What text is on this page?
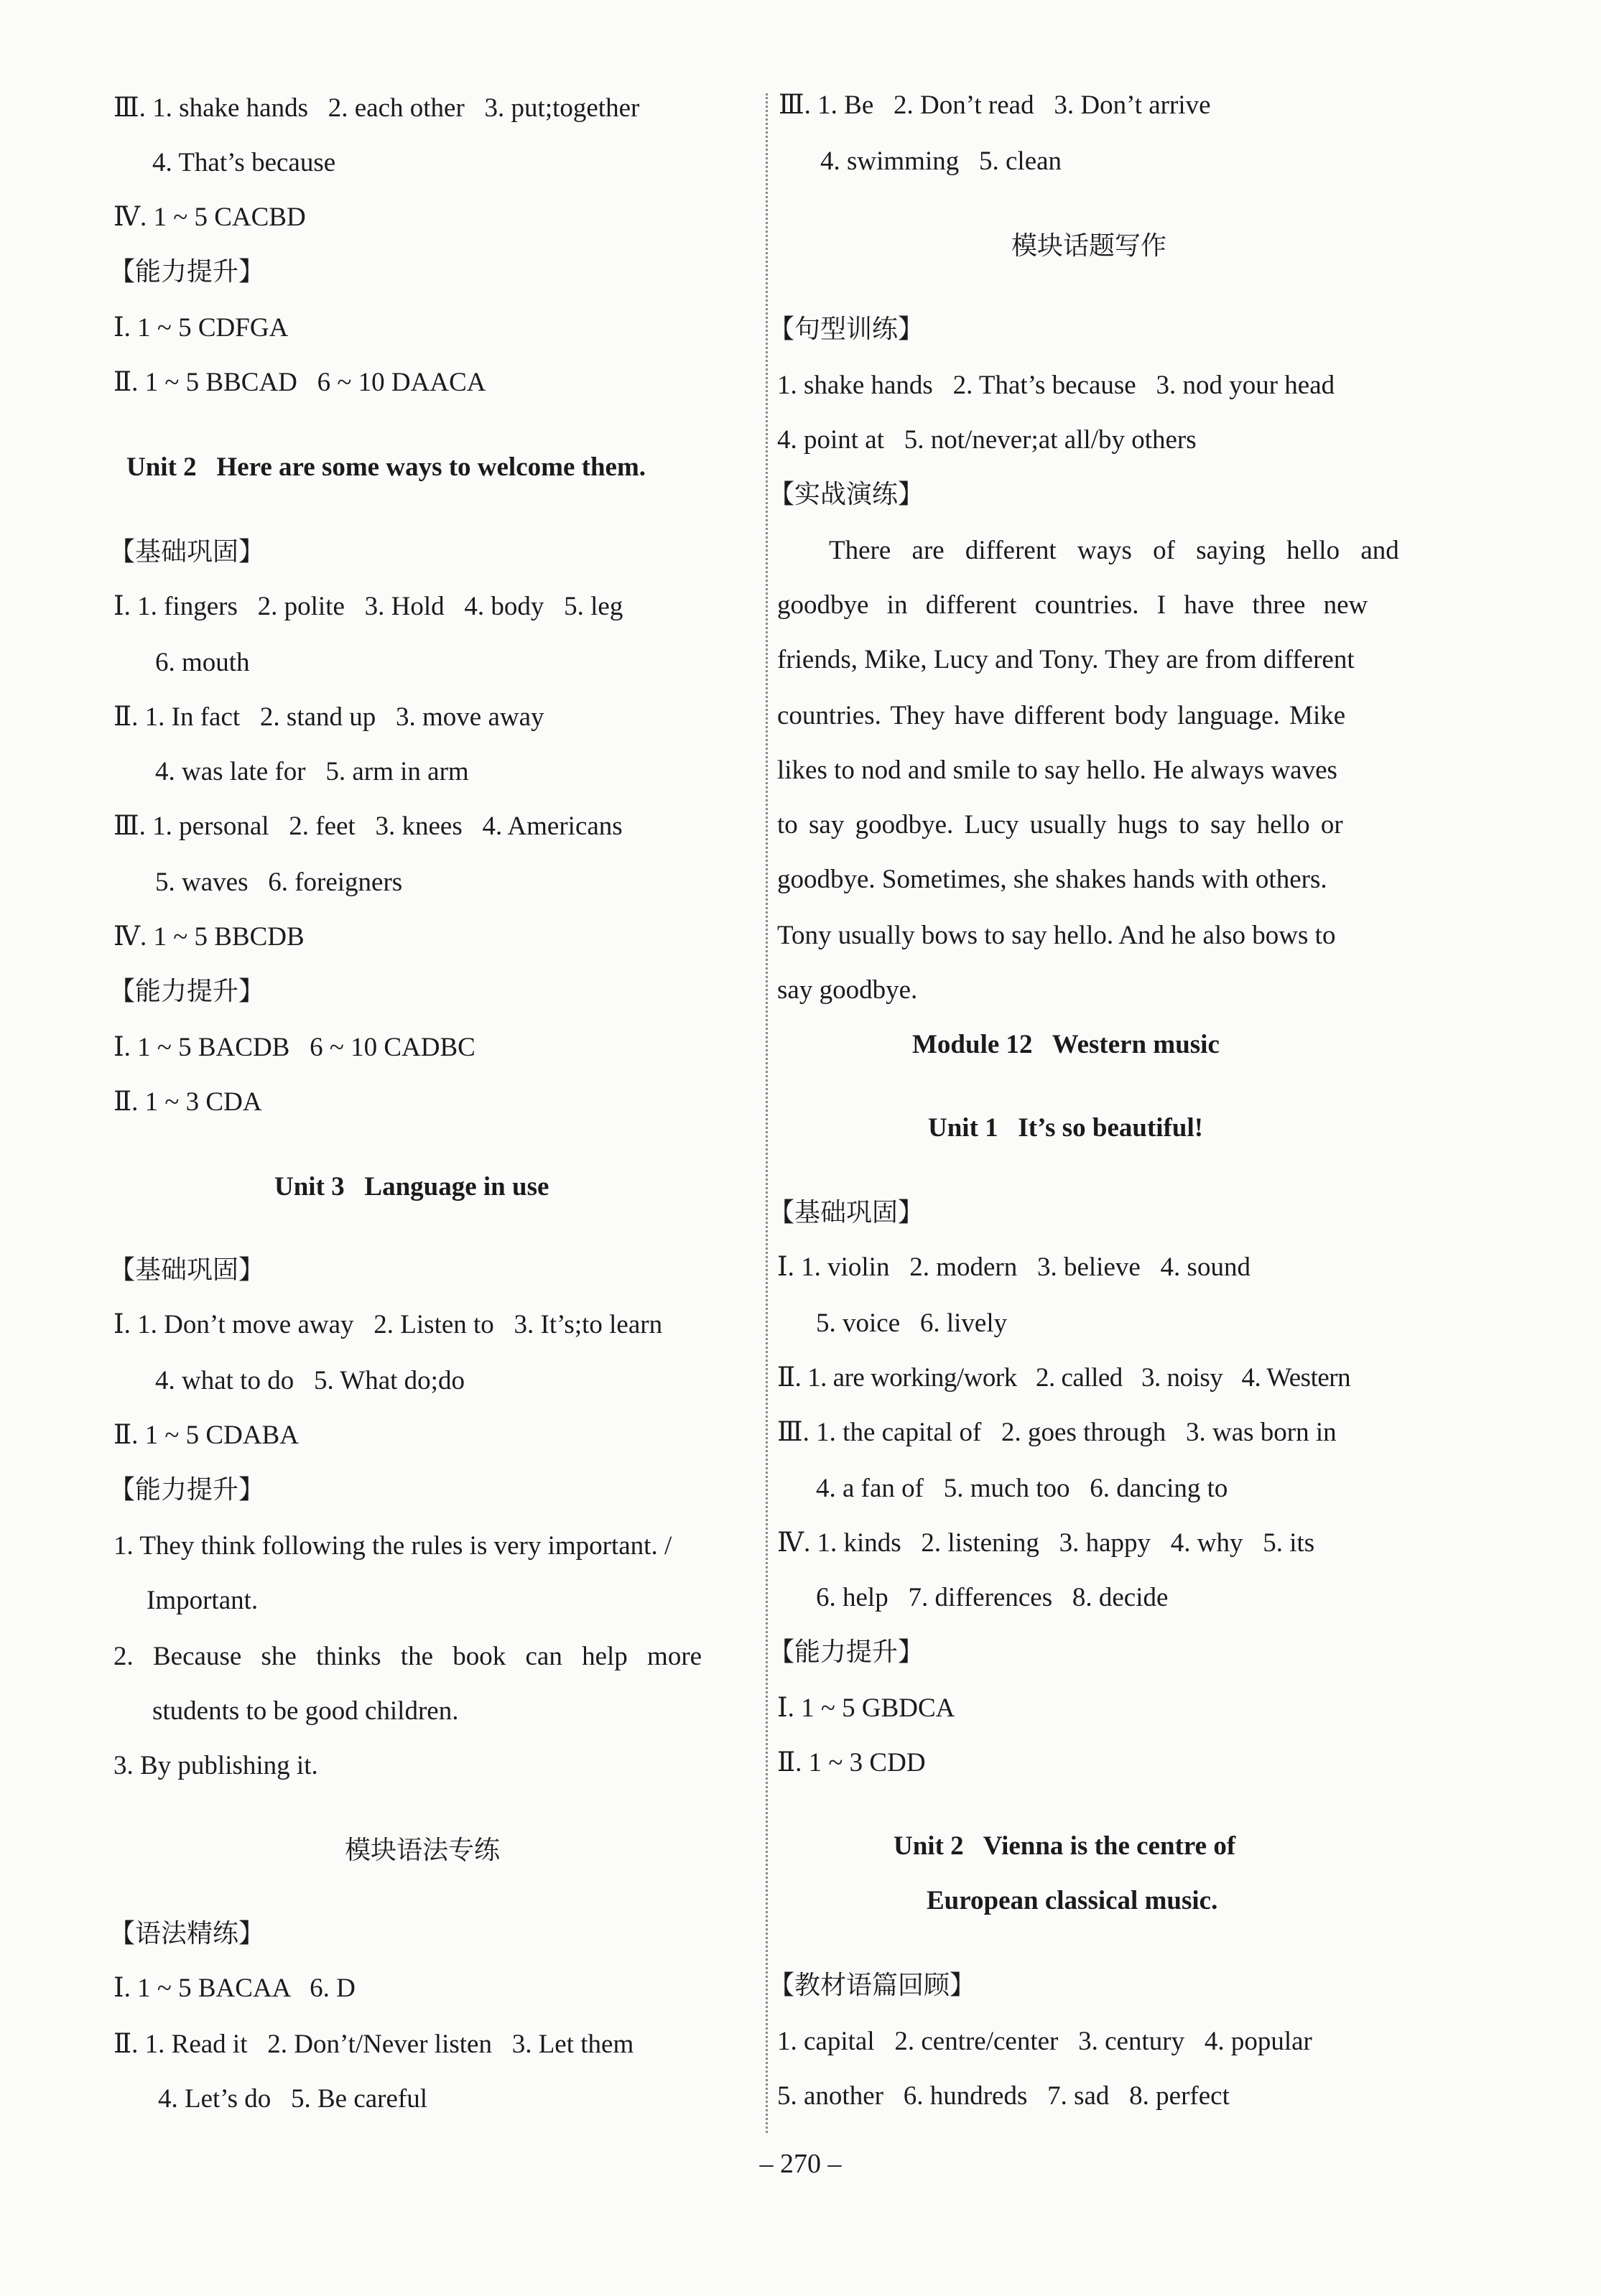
Ⅲ. 1. shake hands   2. each other   3. put;together
4. That’s because
Ⅳ. 1 ~ 5 CACBD
【能力提升】
Ⅰ. 1 ~ 5 CDFGA
Ⅱ. 1 ~ 5 BBCAD   6 ~ 10 DAACA
Unit 2   Here are some ways to welcome them.
【基础巩固】
Ⅰ. 1. fingers   2. polite   3. Hold   4. body   5. leg
6. mouth
Ⅱ. 1. In fact   2. stand up   3. move away
4. was late for   5. arm in arm
Ⅲ. 1. personal   2. feet   3. knees   4. Americans
5. waves   6. foreigners
Ⅳ. 1 ~ 5 BBCDB
【能力提升】
Ⅰ. 1 ~ 5 BACDB   6 ~ 10 CADBC
Ⅱ. 1 ~ 3 CDA
Unit 3   Language in use
【基础巩固】
Ⅰ. 1. Don’t move away   2. Listen to   3. It’s;to learn
4. what to do   5. What do;do
Ⅱ. 1 ~ 5 CDABA
【能力提升】
1. They think following the rules is very important. /
Important.
2. Because she thinks the book can help more
students to be good children.
3. By publishing it.
模块语法专练
【语法精练】
Ⅰ. 1 ~ 5 BACAA   6. D
Ⅱ. 1. Read it   2. Don’t/Never listen   3. Let them
4. Let’s do   5. Be careful
Ⅲ. 1. Be   2. Don’t read   3. Don’t arrive
4. swimming   5. clean
模块话题写作
【句型训练】
1. shake hands   2. That’s because   3. nod your head
4. point at   5. not/never;at all/by others
【实战演练】
There are different ways of saying hello and
goodbye in different countries. I have three new
friends, Mike, Lucy and Tony. They are from different
countries. They have different body language. Mike
likes to nod and smile to say hello. He always waves
to say goodbye. Lucy usually hugs to say hello or
goodbye. Sometimes, she shakes hands with others.
Tony usually bows to say hello. And he also bows to
say goodbye.
Module 12   Western music
Unit 1   It’s so beautiful!
【基础巩固】
Ⅰ. 1. violin   2. modern   3. believe   4. sound
5. voice   6. lively
Ⅱ. 1. are working/work   2. called   3. noisy   4. Western
Ⅲ. 1. the capital of   2. goes through   3. was born in
4. a fan of   5. much too   6. dancing to
Ⅳ. 1. kinds   2. listening   3. happy   4. why   5. its
6. help   7. differences   8. decide
【能力提升】
Ⅰ. 1 ~ 5 GBDCA
Ⅱ. 1 ~ 3 CDD
Unit 2   Vienna is the centre of
European classical music.
【教材语篇回顾】
1. capital   2. centre/center   3. century   4. popular
5. another   6. hundreds   7. sad   8. perfect
– 270 –
